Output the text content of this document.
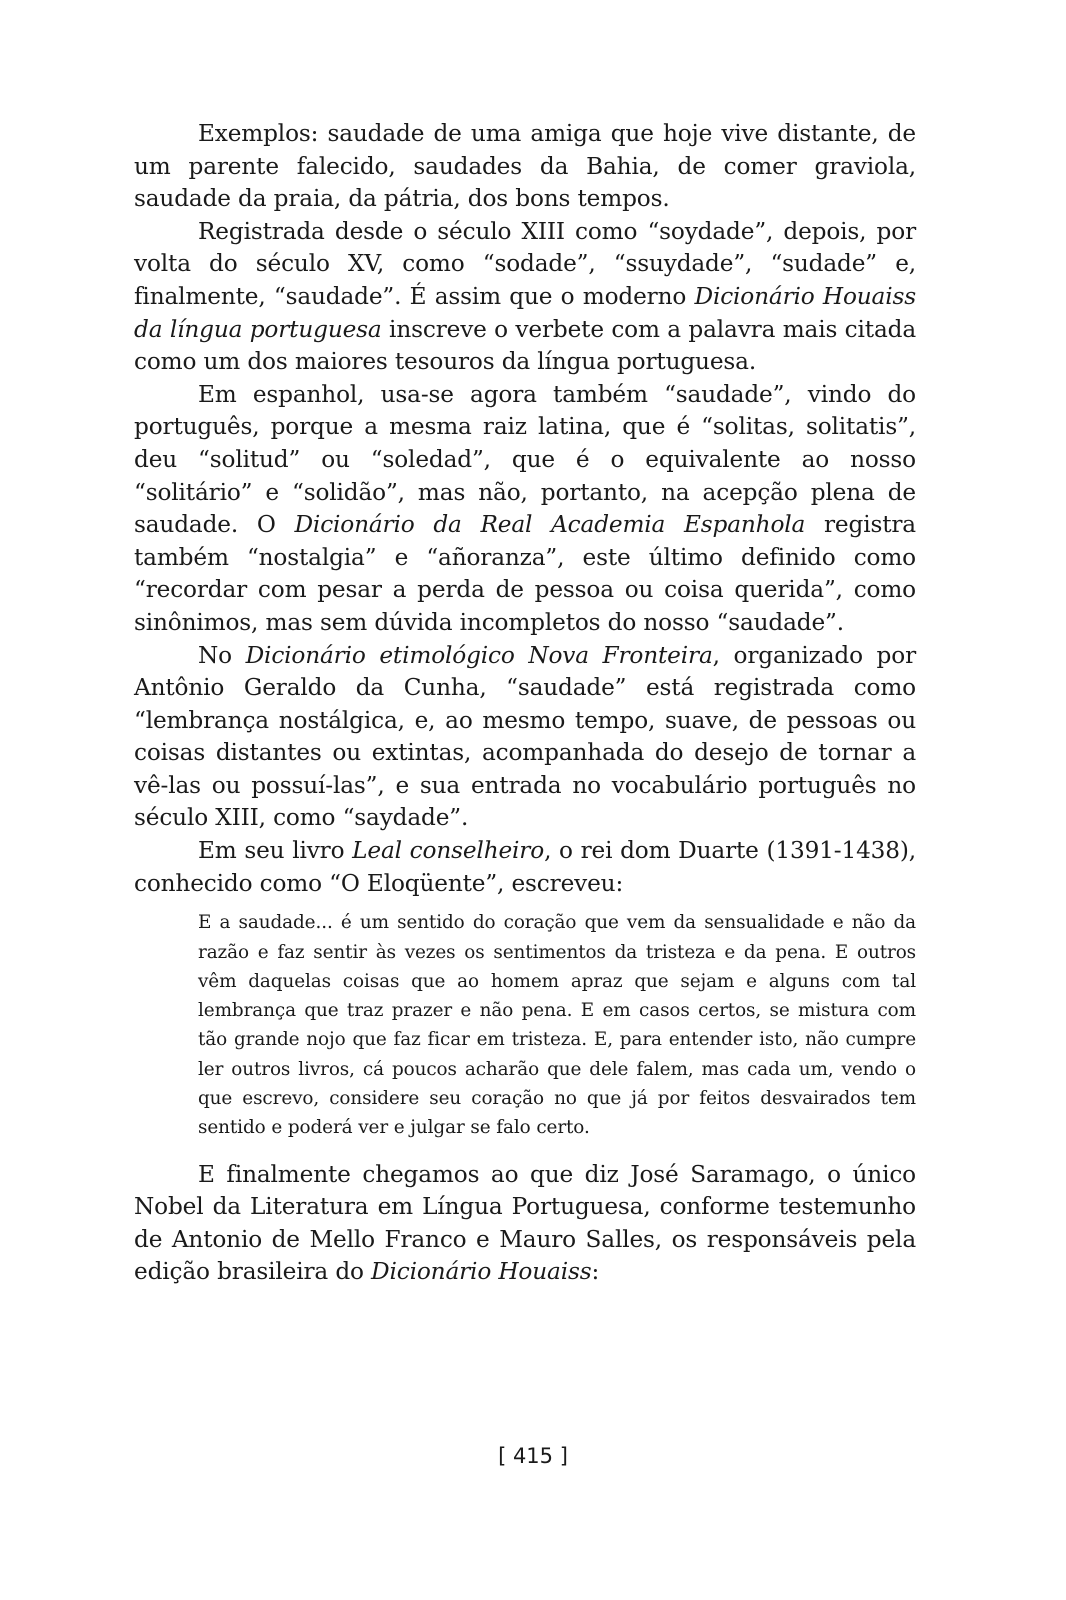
Exemplos: saudade de uma amiga que hoje vive distante, de um parente falecido, saudades da Bahia, de comer graviola, saudade da praia, da pátria, dos bons tempos.

Registrada desde o século XIII como “soydade”, depois, por volta do século XV, como “sodade”, “ssuydade”, “sudade” e, finalmente, “saudade”. É assim que o moderno Dicionário Houaiss da língua portuguesa inscreve o verbete com a palavra mais citada como um dos maiores tesouros da língua portuguesa.

Em espanhol, usa-se agora também “saudade”, vindo do português, porque a mesma raiz latina, que é “solitas, solitatis”, deu “solitud” ou “soledad”, que é o equivalente ao nosso “solitário” e “solidão”, mas não, portanto, na acepção plena de saudade. O Dicionário da Real Academia Espanhola registra também “nostalgia” e “añoranza”, este último definido como “recordar com pesar a perda de pessoa ou coisa querida”, como sinônimos, mas sem dúvida incompletos do nosso “saudade”.

No Dicionário etimológico Nova Fronteira, organizado por Antônio Geraldo da Cunha, “saudade” está registrada como “lembrança nostálgica, e, ao mesmo tempo, suave, de pessoas ou coisas distantes ou extintas, acompanhada do desejo de tornar a vê-las ou possuí-las”, e sua entrada no vocabulário português no século XIII, como “saydade”.

Em seu livro Leal conselheiro, o rei dom Duarte (1391-1438), conhecido como “O Eloqüente”, escreveu:

E a saudade... é um sentido do coração que vem da sensualidade e não da razão e faz sentir às vezes os sentimentos da tristeza e da pena. E outros vêm daquelas coisas que ao homem apraz que sejam e alguns com tal lembrança que traz prazer e não pena. E em casos certos, se mistura com tão grande nojo que faz ficar em tristeza. E, para entender isto, não cumpre ler outros livros, cá poucos acharão que dele falem, mas cada um, vendo o que escrevo, considere seu coração no que já por feitos desvairados tem sentido e poderá ver e julgar se falo certo.

E finalmente chegamos ao que diz José Saramago, o único Nobel da Literatura em Língua Portuguesa, conforme testemunho de Antonio de Mello Franco e Mauro Salles, os responsáveis pela edição brasileira do Dicionário Houaiss:

[ 415 ]
